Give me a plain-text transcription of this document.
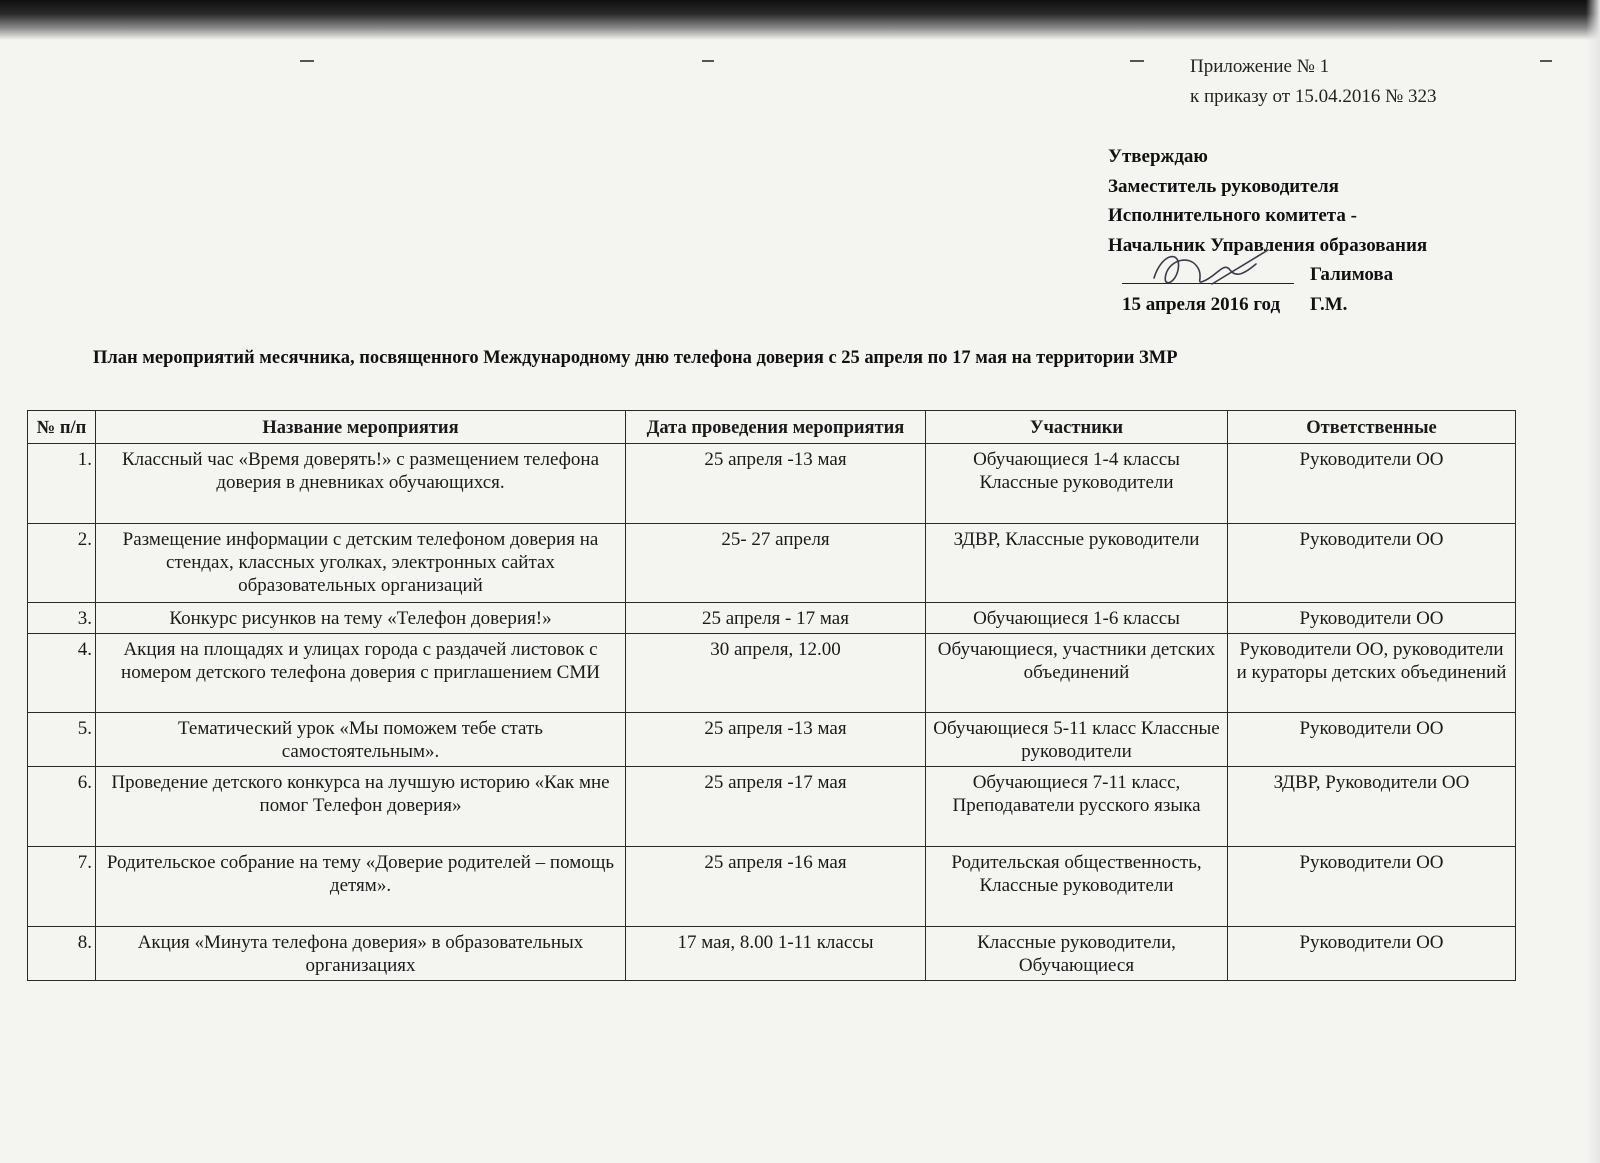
Приложение № 1
к приказу от 15.04.2016 № 323
Утверждаю
Заместитель руководителя
Исполнительного комитета -
Начальник Управления образования
Галимова Г.М.
15 апреля 2016 год
План мероприятий месячника, посвященного Международному дню телефона доверия с 25 апреля по 17 мая на территории ЗМР
№ п/п	Название мероприятия	Дата проведения мероприятия	Участники	Ответственные
1.	Классный час «Время доверять!» с размещением телефона доверия в дневниках обучающихся.	25 апреля -13 мая	Обучающиеся 1-4 классы Классные руководители	Руководители ОО
2.	Размещение информации с детским телефоном доверия на стендах, классных уголках, электронных сайтах образовательных организаций	25- 27 апреля	ЗДВР, Классные руководители	Руководители ОО
3.	Конкурс рисунков на тему «Телефон доверия!»	25 апреля - 17 мая	Обучающиеся 1-6 классы	Руководители ОО
4.	Акция на площадях и улицах города с раздачей листовок с номером детского телефона доверия с приглашением СМИ	30 апреля, 12.00	Обучающиеся, участники детских объединений	Руководители ОО, руководители и кураторы детских объединений
5.	Тематический урок «Мы поможем тебе стать самостоятельным».	25 апреля -13 мая	Обучающиеся 5-11 класс Классные руководители	Руководители ОО
6.	Проведение детского конкурса на лучшую историю «Как мне помог Телефон доверия»	25 апреля -17 мая	Обучающиеся 7-11 класс, Преподаватели русского языка	ЗДВР, Руководители ОО
7.	Родительское собрание на тему «Доверие родителей – помощь детям».	25 апреля -16 мая	Родительская общественность, Классные руководители	Руководители ОО
8.	Акция «Минута телефона доверия» в образовательных организациях	17 мая, 8.00 1-11 классы	Классные руководители, Обучающиеся	Руководители ОО
